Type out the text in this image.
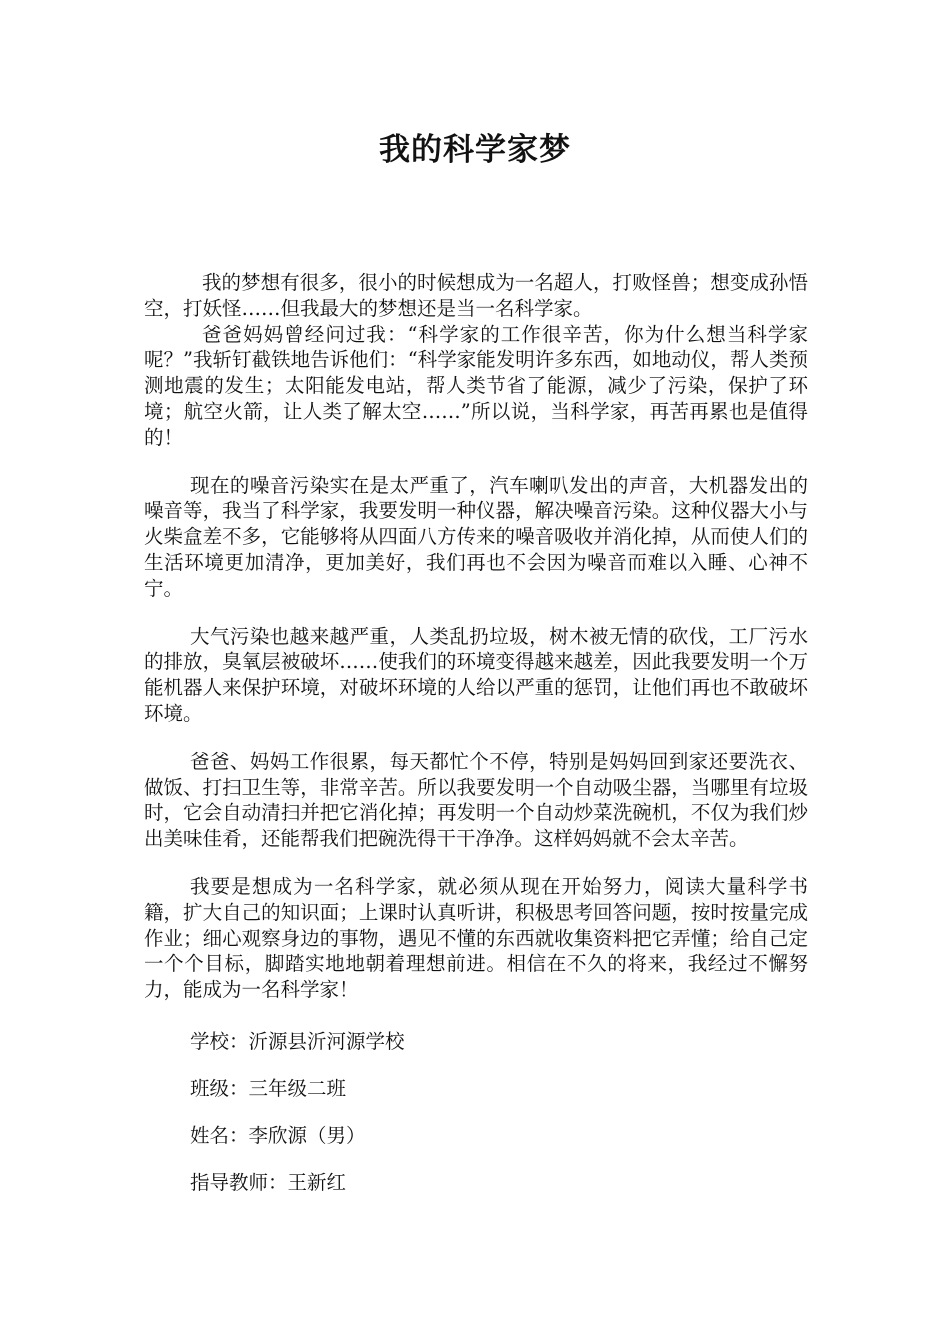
我的科学家梦

我的梦想有很多，很小的时候想成为一名超人，打败怪兽；想变成孙悟空，打妖怪……但我最大的梦想还是当一名科学家。

爸爸妈妈曾经问过我：“科学家的工作很辛苦，你为什么想当科学家呢？”我斩钉截铁地告诉他们：“科学家能发明许多东西，如地动仪，帮人类预测地震的发生；太阳能发电站，帮人类节省了能源，减少了污染，保护了环境；航空火箭，让人类了解太空……”所以说，当科学家，再苦再累也是值得的！

现在的噪音污染实在是太严重了，汽车喇叭发出的声音，大机器发出的噪音等，我当了科学家，我要发明一种仪器，解决噪音污染。这种仪器大小与火柴盒差不多，它能够将从四面八方传来的噪音吸收并消化掉，从而使人们的生活环境更加清净，更加美好，我们再也不会因为噪音而难以入睡、心神不宁。

大气污染也越来越严重，人类乱扔垃圾，树木被无情的砍伐，工厂污水的排放，臭氧层被破坏……使我们的环境变得越来越差，因此我要发明一个万能机器人来保护环境，对破坏环境的人给以严重的惩罚，让他们再也不敢破坏环境。

爸爸、妈妈工作很累，每天都忙个不停，特别是妈妈回到家还要洗衣、做饭、打扫卫生等，非常辛苦。所以我要发明一个自动吸尘器，当哪里有垃圾时，它会自动清扫并把它消化掉；再发明一个自动炒菜洗碗机，不仅为我们炒出美味佳肴，还能帮我们把碗洗得干干净净。这样妈妈就不会太辛苦。

我要是想成为一名科学家，就必须从现在开始努力，阅读大量科学书籍，扩大自己的知识面；上课时认真听讲，积极思考回答问题，按时按量完成作业；细心观察身边的事物，遇见不懂的东西就收集资料把它弄懂；给自己定一个个目标，脚踏实地地朝着理想前进。相信在不久的将来，我经过不懈努力，能成为一名科学家！

学校：沂源县沂河源学校

班级：三年级二班

姓名：李欣源（男）

指导教师：王新红
